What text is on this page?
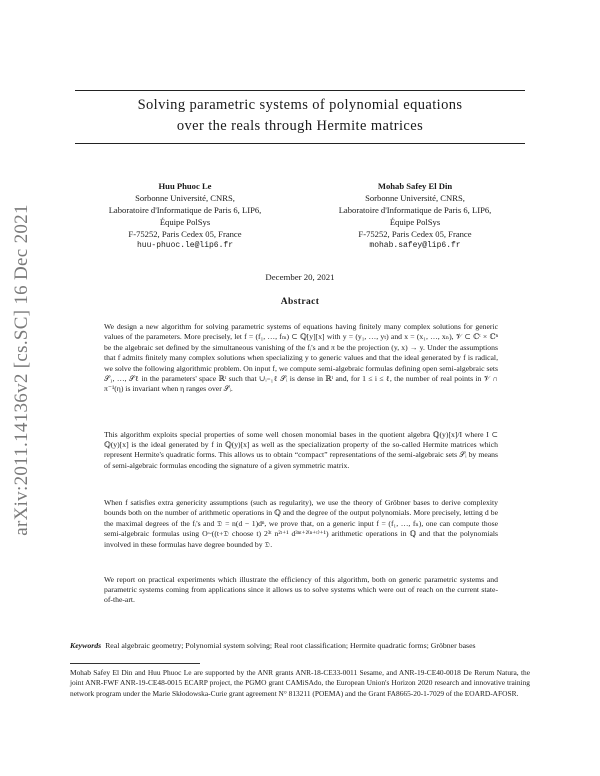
Solving parametric systems of polynomial equations
over the reals through Hermite matrices
arXiv:2011.14136v2 [cs.SC] 16 Dec 2021
Huu Phuoc Le
Sorbonne Université, CNRS,
Laboratoire d'Informatique de Paris 6, LIP6,
Équipe PolSys
F-75252, Paris Cedex 05, France
huu-phuoc.le@lip6.fr
Mohab Safey El Din
Sorbonne Université, CNRS,
Laboratoire d'Informatique de Paris 6, LIP6,
Équipe PolSys
F-75252, Paris Cedex 05, France
mohab.safey@lip6.fr
December 20, 2021
Abstract

We design a new algorithm for solving parametric systems of equations having finitely many complex solutions for generic values of the parameters. More precisely, let f = (f₁, …, fₘ) ⊂ ℚ[y][x] with y = (y₁, …, yₜ) and x = (x₁, …, xₙ), 𝒱 ⊂ ℂᵗ × ℂⁿ be the algebraic set defined by the simultaneous vanishing of the fᵢ's and π be the projection (y, x) → y. Under the assumptions that f admits finitely many complex solutions when specializing y to generic values and that the ideal generated by f is radical, we solve the following algorithmic problem. On input f, we compute semi-algebraic formulas defining open semi-algebraic sets 𝒮₁, …, 𝒮ℓ in the parameters' space ℝᵗ such that ∪ᵢ₌₁ℓ 𝒮ᵢ is dense in ℝᵗ and, for 1 ≤ i ≤ ℓ, the number of real points in 𝒱 ∩ π⁻¹(η) is invariant when η ranges over 𝒮ᵢ.

This algorithm exploits special properties of some well chosen monomial bases in the quotient algebra ℚ(y)[x]/I where I ⊂ ℚ(y)[x] is the ideal generated by f in ℚ(y)[x] as well as the specialization property of the so-called Hermite matrices which represent Hermite's quadratic forms. This allows us to obtain “compact” representations of the semi-algebraic sets 𝒮ᵢ by means of semi-algebraic formulas encoding the signature of a given symmetric matrix.

When f satisfies extra genericity assumptions (such as regularity), we use the theory of Gröbner bases to derive complexity bounds both on the number of arithmetic operations in ℚ and the degree of the output polynomials. More precisely, letting d be the maximal degrees of the fᵢ's and 𝔇 = n(d − 1)dⁿ, we prove that, on a generic input f = (f₁, …, fₙ), one can compute those semi-algebraic formulas using O~((t+𝔇 choose t) 2³ᵗ n²ᵗ⁺¹ d³ⁿᵗ⁺²⁽ⁿ⁺ᵗ⁾⁺¹) arithmetic operations in ℚ and that the polynomials involved in these formulas have degree bounded by 𝔇.

We report on practical experiments which illustrate the efficiency of this algorithm, both on generic parametric systems and parametric systems coming from applications since it allows us to solve systems which were out of reach on the current state-of-the-art.

Keywords Real algebraic geometry; Polynomial system solving; Real root classification; Hermite quadratic forms; Gröbner bases
Mohab Safey El Din and Huu Phuoc Le are supported by the ANR grants ANR-18-CE33-0011 Sesame, and ANR-19-CE40-0018 De Rerum Natura, the joint ANR-FWF ANR-19-CE48-0015 ECARP project, the PGMO grant CAMiSAdo, the European Union's Horizon 2020 research and innovative training network program under the Marie Skłodowska-Curie grant agreement N° 813211 (POEMA) and the Grant FA8665-20-1-7029 of the EOARD-AFOSR.
